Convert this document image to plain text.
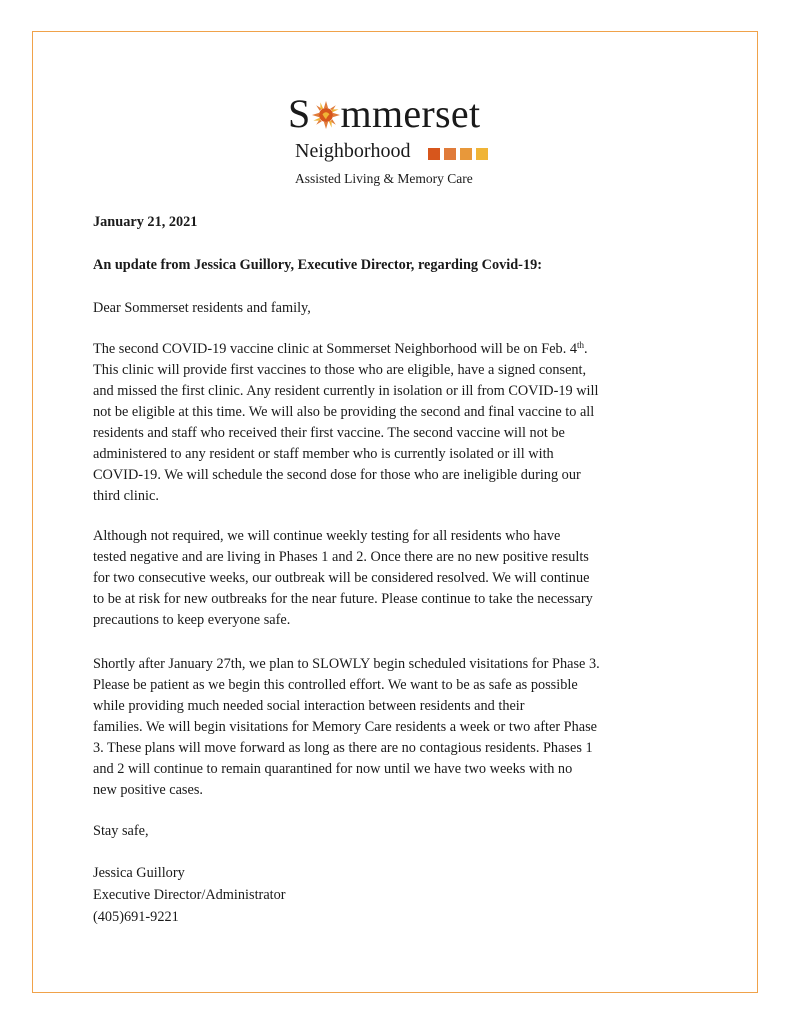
S mmerset
Neighborhood
Assisted Living & Memory Care
January 21, 2021
An update from Jessica Guillory, Executive Director, regarding Covid-19:
Dear Sommerset residents and family,
The second COVID-19 vaccine clinic at Sommerset Neighborhood will be on Feb. 4th.
This clinic will provide first vaccines to those who are eligible, have a signed consent,
and missed the first clinic. Any resident currently in isolation or ill from COVID-19 will
not be eligible at this time. We will also be providing the second and final vaccine to all
residents and staff who received their first vaccine. The second vaccine will not be
administered to any resident or staff member who is currently isolated or ill with
COVID-19. We will schedule the second dose for those who are ineligible during our
third clinic.
Although not required, we will continue weekly testing for all residents who have
tested negative and are living in Phases 1 and 2. Once there are no new positive results
for two consecutive weeks, our outbreak will be considered resolved. We will continue
to be at risk for new outbreaks for the near future. Please continue to take the necessary
precautions to keep everyone safe.
Shortly after January 27th, we plan to SLOWLY begin scheduled visitations for Phase 3.
Please be patient as we begin this controlled effort. We want to be as safe as possible
while providing much needed social interaction between residents and their
families. We will begin visitations for Memory Care residents a week or two after Phase
3. These plans will move forward as long as there are no contagious residents. Phases 1
and 2 will continue to remain quarantined for now until we have two weeks with no
new positive cases.
Stay safe,
Jessica Guillory
Executive Director/Administrator
(405)691-9221
